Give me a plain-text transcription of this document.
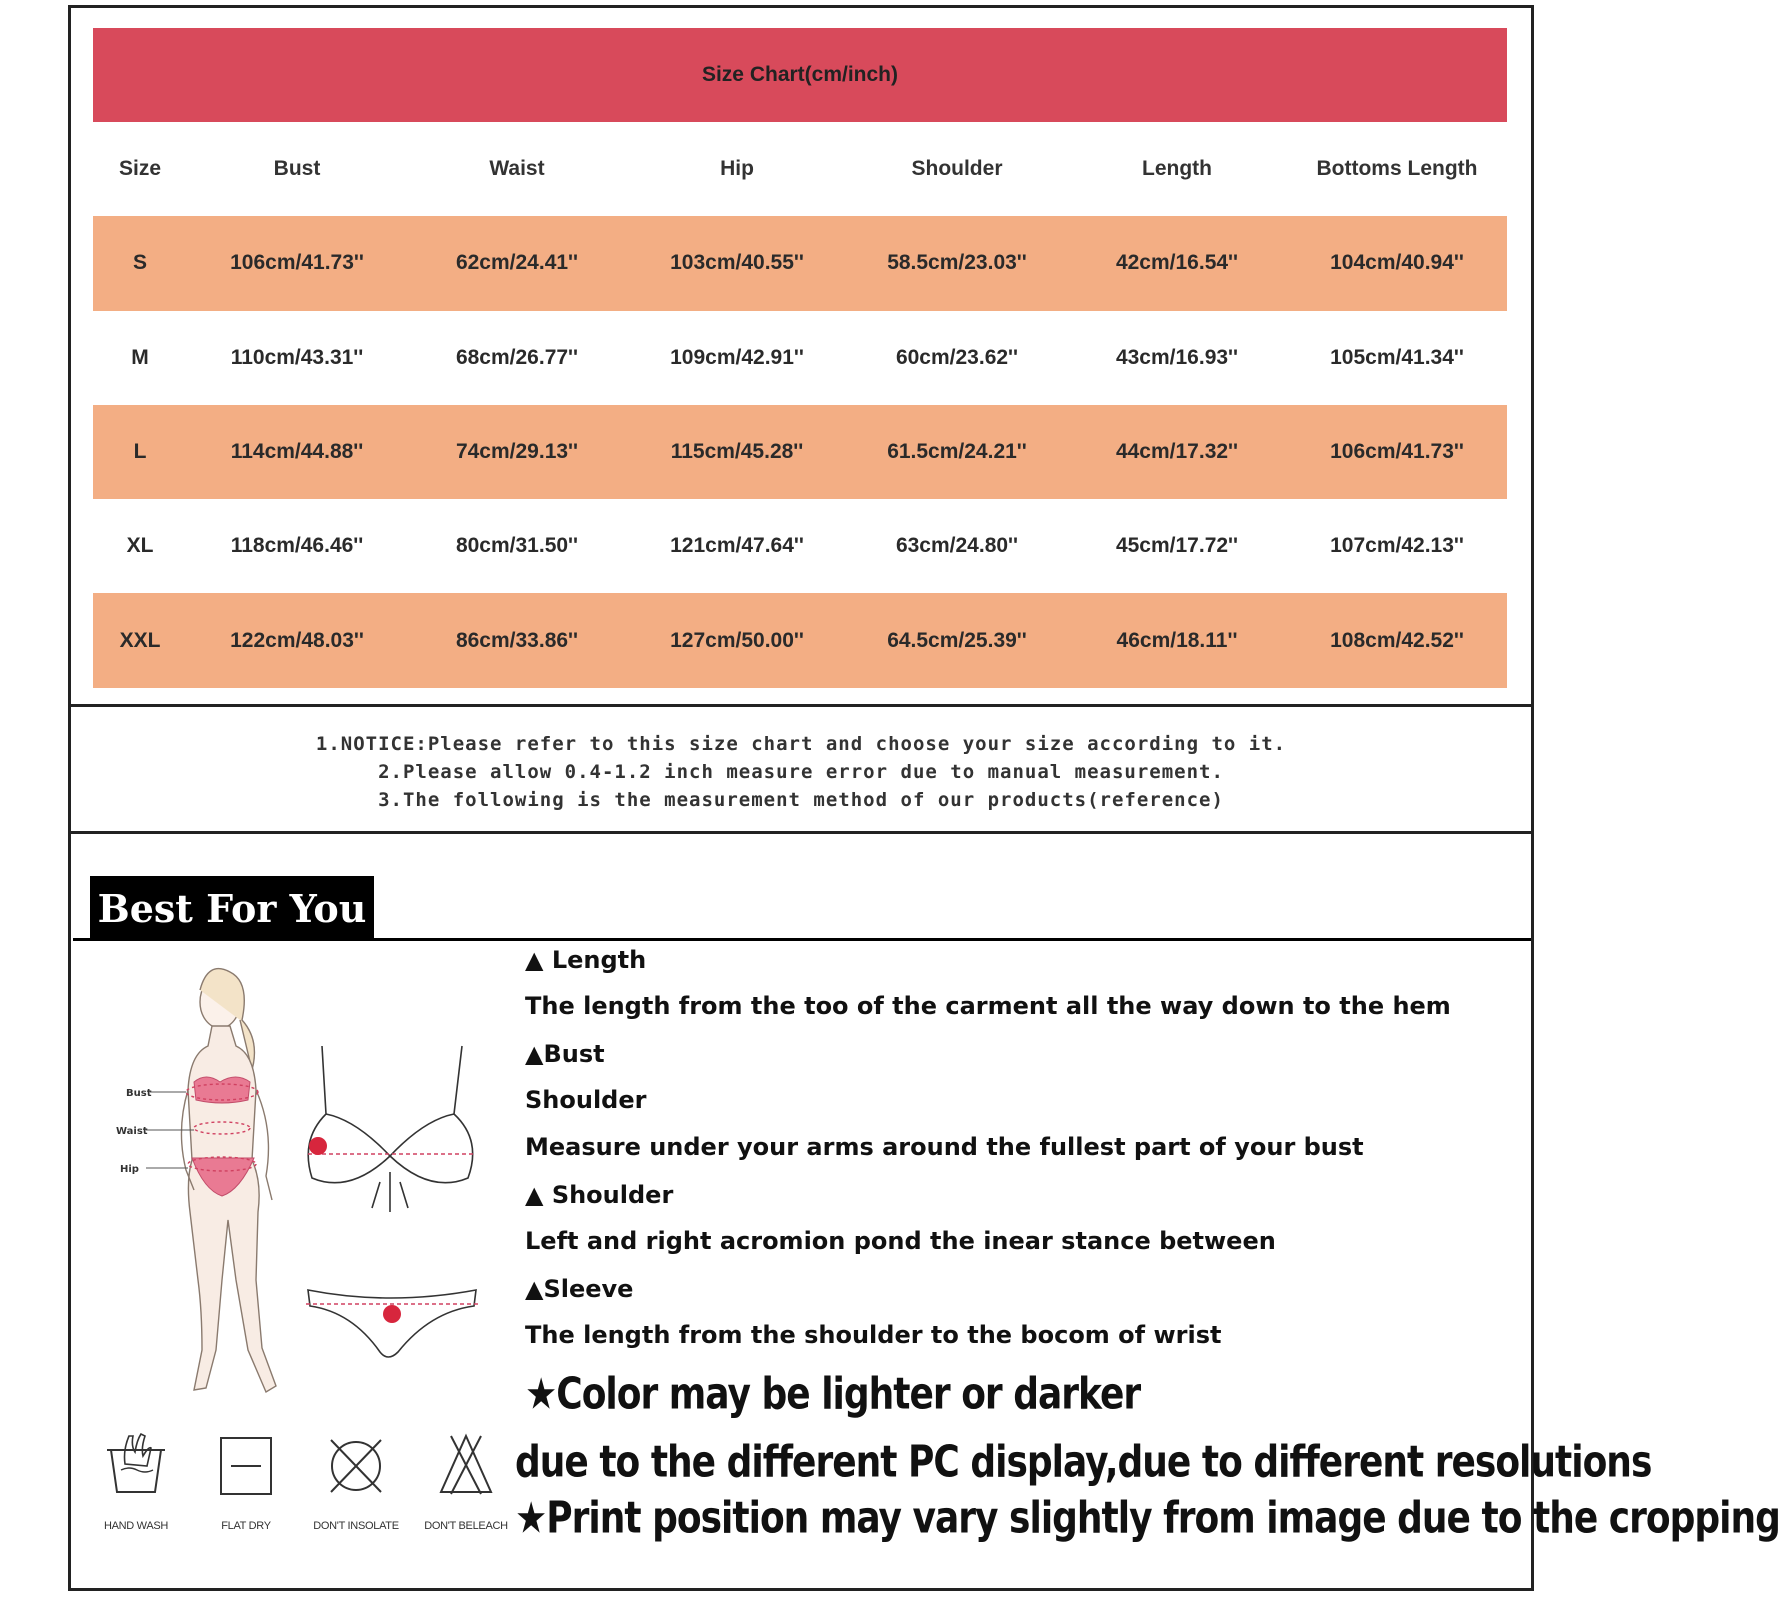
Size Chart(cm/inch)
Size	Bust	Waist	Hip	Shoulder	Length	Bottoms Length
S	106cm/41.73''	62cm/24.41''	103cm/40.55''	58.5cm/23.03''	42cm/16.54''	104cm/40.94''
M	110cm/43.31''	68cm/26.77''	109cm/42.91''	60cm/23.62''	43cm/16.93''	105cm/41.34''
L	114cm/44.88''	74cm/29.13''	115cm/45.28''	61.5cm/24.21''	44cm/17.32''	106cm/41.73''
XL	118cm/46.46''	80cm/31.50''	121cm/47.64''	63cm/24.80''	45cm/17.72''	107cm/42.13''
XXL	122cm/48.03''	86cm/33.86''	127cm/50.00''	64.5cm/25.39''	46cm/18.11''	108cm/42.52''
1.NOTICE:Please refer to this size chart and choose your size according to it.
2.Please allow 0.4-1.2 inch measure error due to manual measurement.
3.The following is the measurement method of our products(reference)
Best For You
Bust
Waist
Hip
HAND WASH	FLAT DRY	DON'T INSOLATE	DON'T BELEACH
▲ Length
The length from the too of the carment all the way down to the hem
▲Bust
Shoulder
Measure under your arms around the fullest part of your bust
▲ Shoulder
Left and right acromion pond the inear stance between
▲Sleeve
The length from the shoulder to the bocom of wrist
★Color may be lighter or darker
due to the different PC display,due to different resolutions
★Print position may vary slightly from image due to the cropping
